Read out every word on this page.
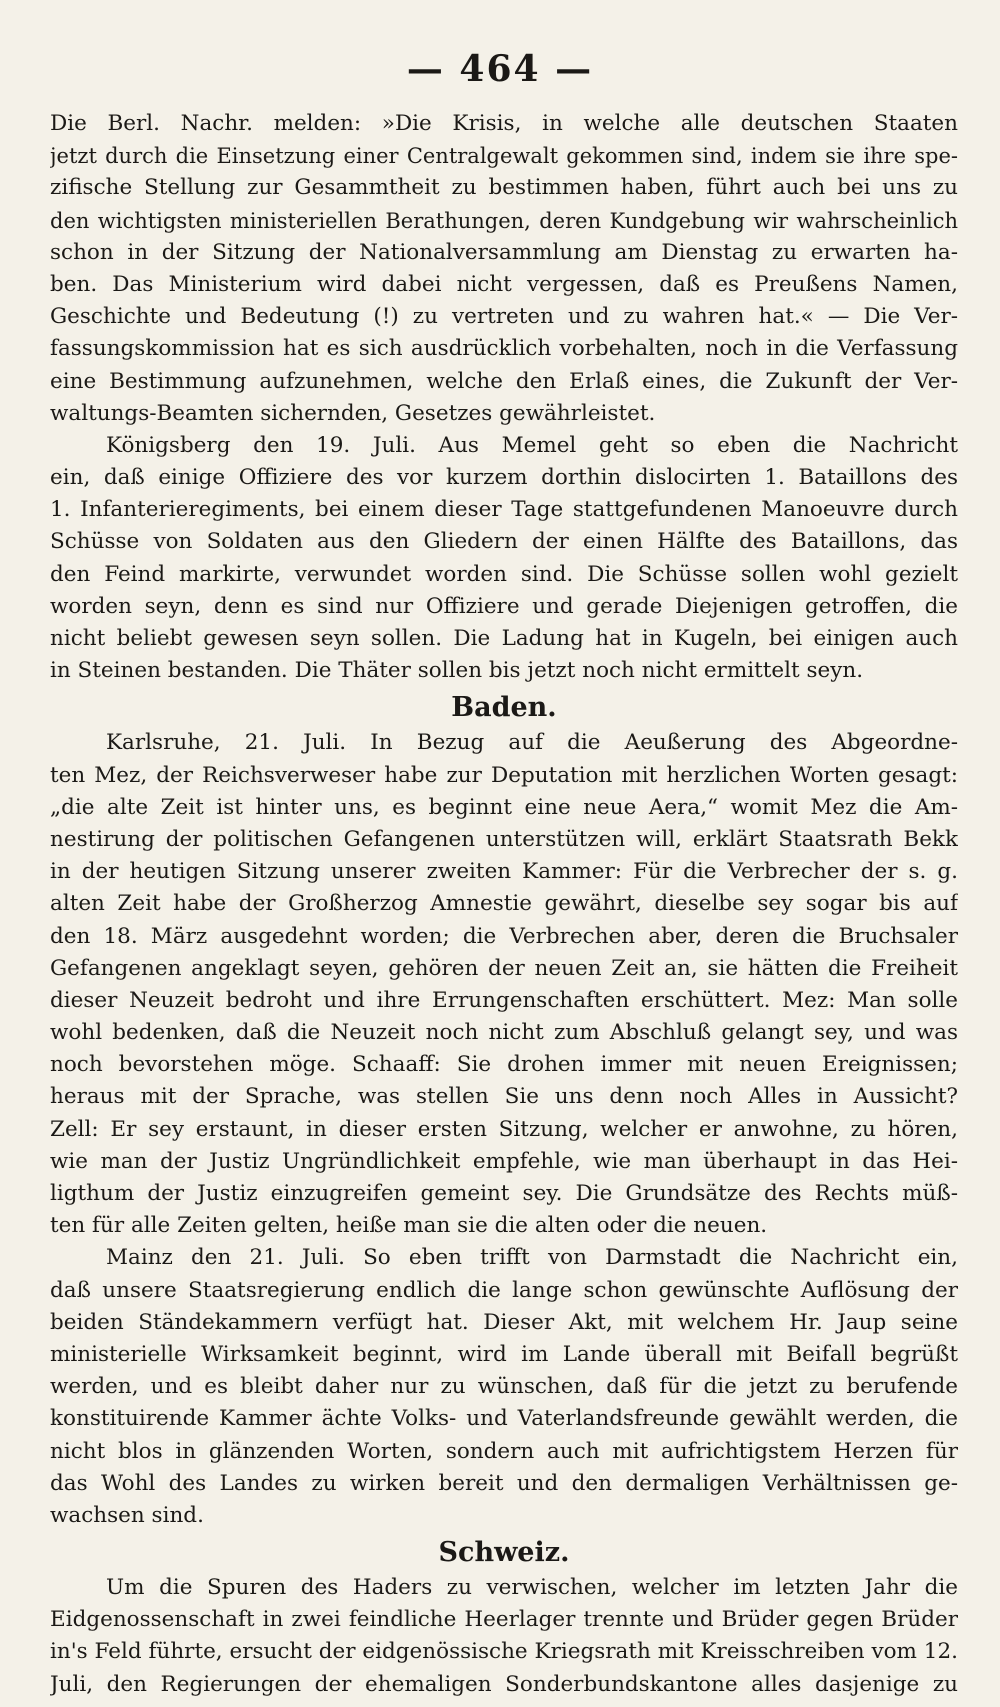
— 464 —
Die Berl. Nachr. melden: »Die Krisis, in welche alle deutschen Staaten
jetzt durch die Einsetzung einer Centralgewalt gekommen sind, indem sie ihre spe-
zifische Stellung zur Gesammtheit zu bestimmen haben, führt auch bei uns zu
den wichtigsten ministeriellen Berathungen, deren Kundgebung wir wahrscheinlich
schon in der Sitzung der Nationalversammlung am Dienstag zu erwarten ha-
ben. Das Ministerium wird dabei nicht vergessen, daß es Preußens Namen,
Geschichte und Bedeutung (!) zu vertreten und zu wahren hat.« — Die Ver-
fassungskommission hat es sich ausdrücklich vorbehalten, noch in die Verfassung
eine Bestimmung aufzunehmen, welche den Erlaß eines, die Zukunft der Ver-
waltungs-Beamten sichernden, Gesetzes gewährleistet.
Königsberg den 19. Juli. Aus Memel geht so eben die Nachricht
ein, daß einige Offiziere des vor kurzem dorthin dislocirten 1. Bataillons des
1. Infanterieregiments, bei einem dieser Tage stattgefundenen Manoeuvre durch
Schüsse von Soldaten aus den Gliedern der einen Hälfte des Bataillons, das
den Feind markirte, verwundet worden sind. Die Schüsse sollen wohl gezielt
worden seyn, denn es sind nur Offiziere und gerade Diejenigen getroffen, die
nicht beliebt gewesen seyn sollen. Die Ladung hat in Kugeln, bei einigen auch
in Steinen bestanden. Die Thäter sollen bis jetzt noch nicht ermittelt seyn.
Baden.
Karlsruhe, 21. Juli. In Bezug auf die Aeußerung des Abgeordne-
ten Mez, der Reichsverweser habe zur Deputation mit herzlichen Worten gesagt:
„die alte Zeit ist hinter uns, es beginnt eine neue Aera,“ womit Mez die Am-
nestirung der politischen Gefangenen unterstützen will, erklärt Staatsrath Bekk
in der heutigen Sitzung unserer zweiten Kammer: Für die Verbrecher der s. g.
alten Zeit habe der Großherzog Amnestie gewährt, dieselbe sey sogar bis auf
den 18. März ausgedehnt worden; die Verbrechen aber, deren die Bruchsaler
Gefangenen angeklagt seyen, gehören der neuen Zeit an, sie hätten die Freiheit
dieser Neuzeit bedroht und ihre Errungenschaften erschüttert. Mez: Man solle
wohl bedenken, daß die Neuzeit noch nicht zum Abschluß gelangt sey, und was
noch bevorstehen möge. Schaaff: Sie drohen immer mit neuen Ereignissen;
heraus mit der Sprache, was stellen Sie uns denn noch Alles in Aussicht?
Zell: Er sey erstaunt, in dieser ersten Sitzung, welcher er anwohne, zu hören,
wie man der Justiz Ungründlichkeit empfehle, wie man überhaupt in das Hei-
ligthum der Justiz einzugreifen gemeint sey. Die Grundsätze des Rechts müß-
ten für alle Zeiten gelten, heiße man sie die alten oder die neuen.
Mainz den 21. Juli. So eben trifft von Darmstadt die Nachricht ein,
daß unsere Staatsregierung endlich die lange schon gewünschte Auflösung der
beiden Ständekammern verfügt hat. Dieser Akt, mit welchem Hr. Jaup seine
ministerielle Wirksamkeit beginnt, wird im Lande überall mit Beifall begrüßt
werden, und es bleibt daher nur zu wünschen, daß für die jetzt zu berufende
konstituirende Kammer ächte Volks- und Vaterlandsfreunde gewählt werden, die
nicht blos in glänzenden Worten, sondern auch mit aufrichtigstem Herzen für
das Wohl des Landes zu wirken bereit und den dermaligen Verhältnissen ge-
wachsen sind.
Schweiz.
Um die Spuren des Haders zu verwischen, welcher im letzten Jahr die
Eidgenossenschaft in zwei feindliche Heerlager trennte und Brüder gegen Brüder
in's Feld führte, ersucht der eidgenössische Kriegsrath mit Kreisschreiben vom 12.
Juli, den Regierungen der ehemaligen Sonderbundskantone alles dasjenige zu
